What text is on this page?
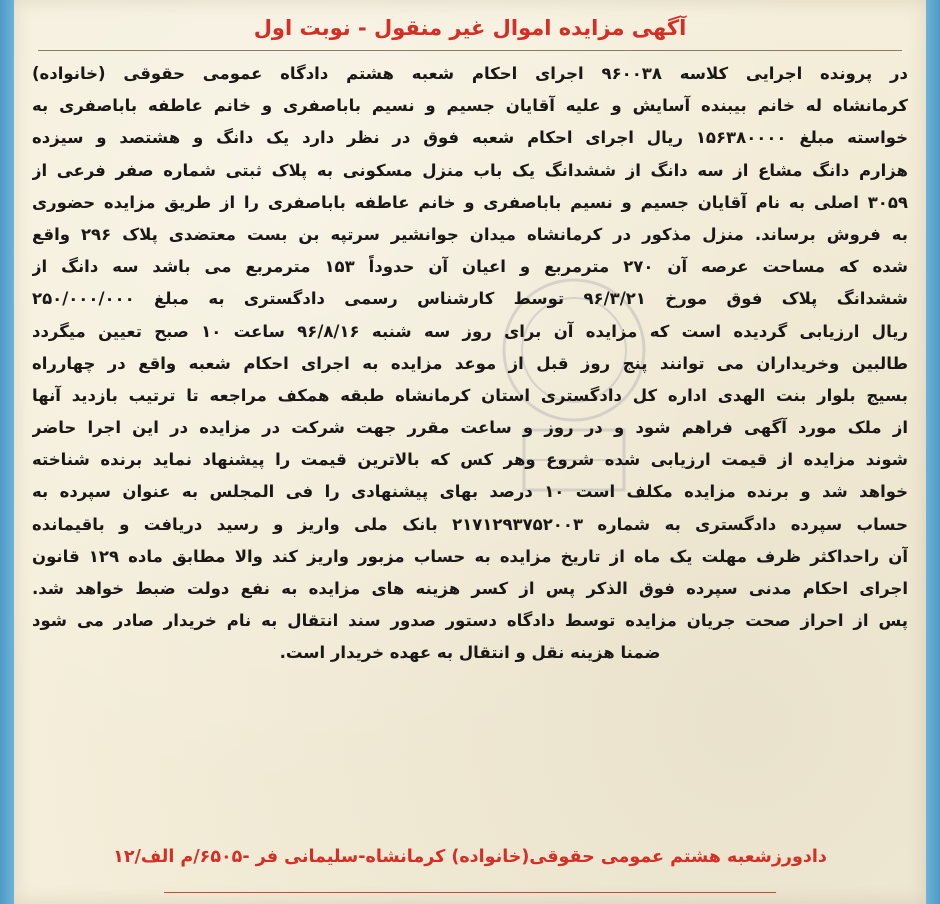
آگهی مزایده اموال غیر منقول - نوبت اول
در پرونده اجرایی کلاسه ۹۶۰۰۳۸ اجرای احکام شعبه هشتم دادگاه عمومی حقوقی (خانواده)
کرمانشاه له خانم بیبنده آسایش و علیه آقایان جسیم و نسیم باباصفری و خانم عاطفه باباصفری به
خواسته مبلغ ۱۵۶۳۸۰۰۰۰ ریال اجرای احکام شعبه فوق در نظر دارد یک دانگ و هشتصد و سیزده
هزارم دانگ مشاع از سه دانگ از ششدانگ یک باب منزل مسکونی به پلاک ثبتی شماره صفر فرعی از
۳۰۵۹ اصلی به نام آقایان جسیم و نسیم باباصفری و خانم عاطفه باباصفری را از طریق مزایده حضوری
به فروش برساند. منزل مذکور در کرمانشاه میدان جوانشیر سرتپه بن بست معتضدی پلاک ۲۹۶ واقع
شده که مساحت عرصه آن ۲۷۰ مترمربع و اعیان آن حدوداً ۱۵۳ مترمربع می باشد سه دانگ از
ششدانگ پلاک فوق مورخ ۹۶/۳/۲۱ توسط کارشناس رسمی دادگستری به مبلغ ۲۵۰/۰۰۰/۰۰۰
ریال ارزیابی گردیده است که مزایده آن برای روز سه شنبه ۹۶/۸/۱۶ ساعت ۱۰ صبح تعیین میگردد
طالبین وخریداران می توانند پنج روز قبل از موعد مزایده به اجرای احکام شعبه واقع در چهارراه
بسیج بلوار بنت الهدی اداره کل دادگستری استان کرمانشاه طبقه همکف مراجعه تا ترتیب بازدید آنها
از ملک مورد آگهی فراهم شود و در روز و ساعت مقرر جهت شرکت در مزایده در این اجرا حاضر
شوند مزایده از قیمت ارزیابی شده شروع وهر کس که بالاترین قیمت را پیشنهاد نماید برنده شناخته
خواهد شد و برنده مزایده مکلف است ۱۰ درصد بهای پیشنهادی را فی المجلس به عنوان سپرده به
حساب سپرده دادگستری به شماره ۲۱۷۱۲۹۳۷۵۲۰۰۳ بانک ملی واریز و رسید دریافت و باقیمانده
آن راحداکثر ظرف مهلت یک ماه از تاریخ مزایده به حساب مزبور واریز کند والا مطابق ماده ۱۲۹ قانون
اجرای احکام مدنی سپرده فوق الذکر پس از کسر هزینه های مزایده به نفع دولت ضبط خواهد شد.
پس از احراز صحت جریان مزایده توسط دادگاه دستور صدور سند انتقال به نام خریدار صادر می شود
ضمنا هزینه نقل و انتقال به عهده خریدار است.
دادورزشعبه هشتم عمومی حقوقی(خانواده) کرمانشاه-سلیمانی فر -۶۵۰۵/م الف/۱۲
